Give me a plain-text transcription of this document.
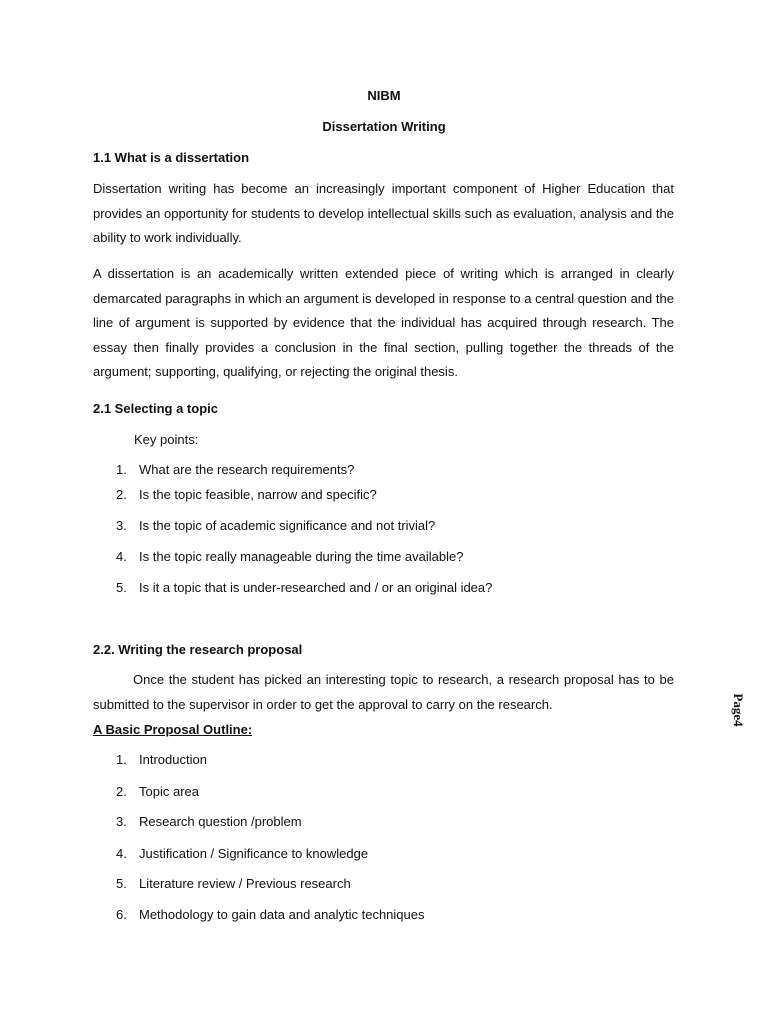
NIBM
Dissertation Writing
1.1 What is a dissertation
Dissertation writing has become an increasingly important component of Higher Education that provides an opportunity for students to develop intellectual skills such as evaluation, analysis and the ability to work individually.
A dissertation is an academically written extended piece of writing which is arranged in clearly demarcated paragraphs in which an argument is developed in response to a central question and the line of argument is supported by evidence that the individual has acquired through research. The essay then finally provides a conclusion in the final section, pulling together the threads of the argument; supporting, qualifying, or rejecting the original thesis.
2.1 Selecting a topic
Key points:
1. What are the research requirements?
2. Is the topic feasible, narrow and specific?
3. Is the topic of academic significance and not trivial?
4. Is the topic really manageable during the time available?
5. Is it a topic that is under-researched and / or an original idea?
2.2. Writing the research proposal
Once the student has picked an interesting topic to research, a research proposal has to be submitted to the supervisor in order to get the approval to carry on the research.
A Basic Proposal Outline:
1. Introduction
2. Topic area
3. Research question /problem
4. Justification / Significance to knowledge
5. Literature review / Previous research
6. Methodology to gain data and analytic techniques
Page4
